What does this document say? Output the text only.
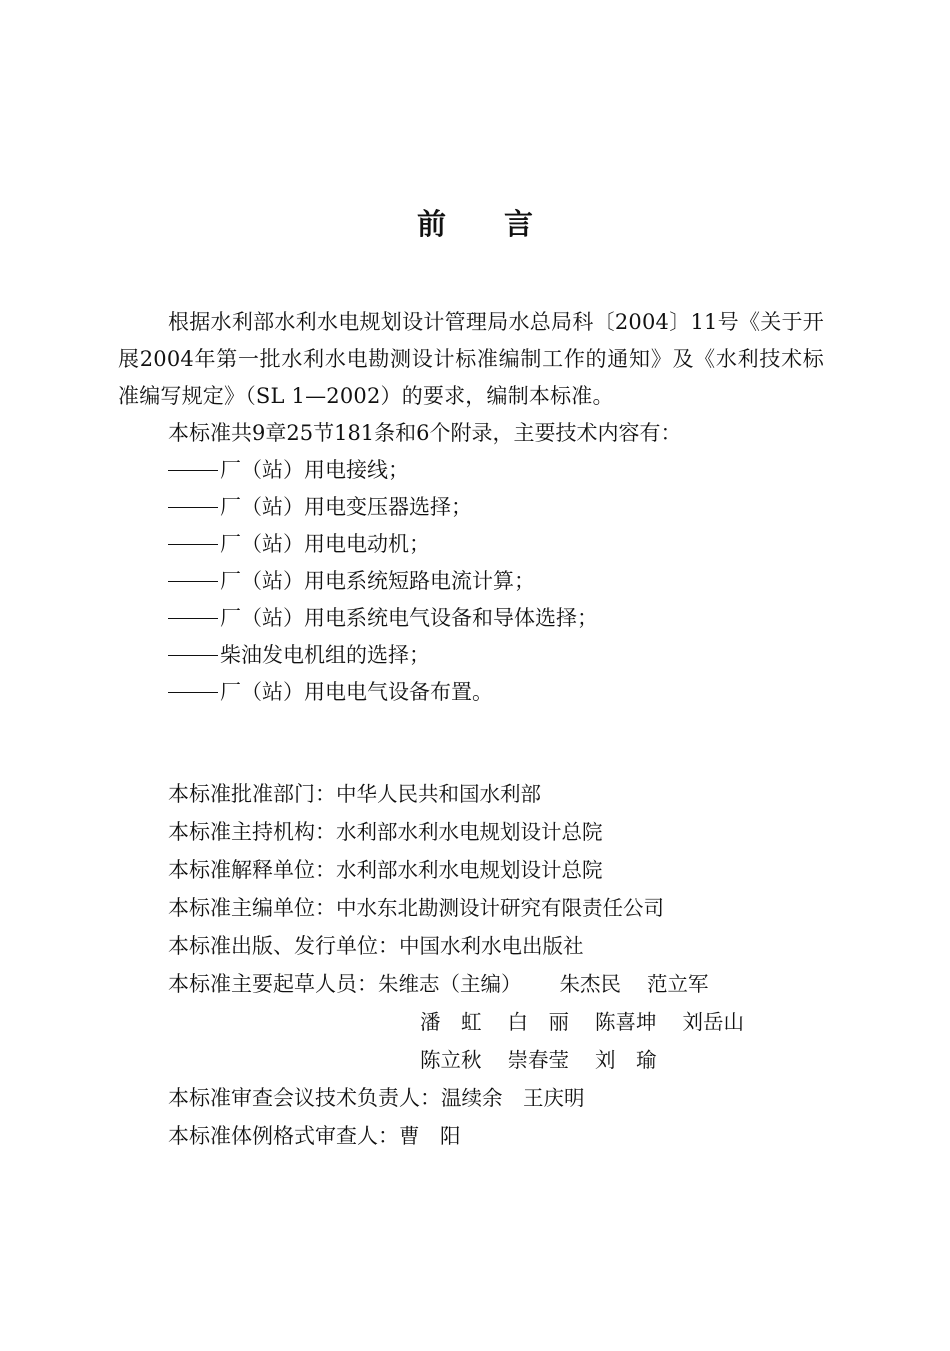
前 言

根据水利部水利水电规划设计管理局水总局科〔2004〕11号《关于开展2004年第一批水利水电勘测设计标准编制工作的通知》及《水利技术标准编写规定》（SL 1—2002）的要求，编制本标准。

本标准共9章25节181条和6个附录，主要技术内容有：

厂（站）用电接线；

厂（站）用电变压器选择；

厂（站）用电电动机；

厂（站）用电系统短路电流计算；

厂（站）用电系统电气设备和导体选择；

柴油发电机组的选择；

厂（站）用电电气设备布置。

本标准批准部门：中华人民共和国水利部
本标准主持机构：水利部水利水电规划设计总院
本标准解释单位：水利部水利水电规划设计总院
本标准主编单位：中水东北勘测设计研究有限责任公司
本标准出版、发行单位：中国水利水电出版社
本标准主要起草人员：朱维志（主编） 朱杰民 范立军
潘　虹 白　丽 陈喜坤 刘岳山
陈立秋 崇春莹 刘　瑜
本标准审查会议技术负责人：温续余　王庆明
本标准体例格式审查人：曹　阳
